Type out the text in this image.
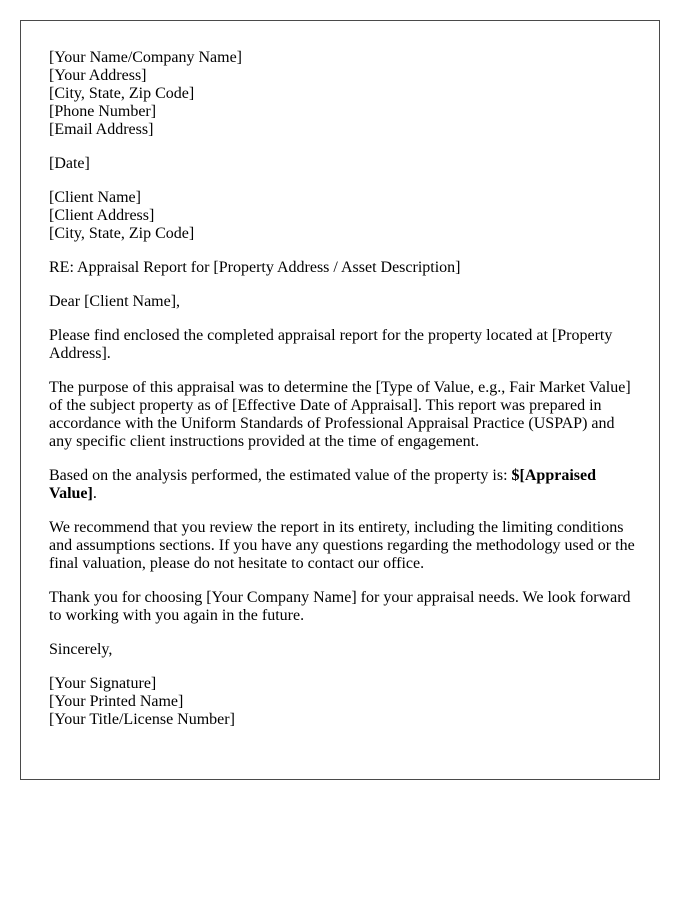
[Your Name/Company Name]
[Your Address]
[City, State, Zip Code]
[Phone Number]
[Email Address]
[Date]
[Client Name]
[Client Address]
[City, State, Zip Code]

RE: Appraisal Report for [Property Address / Asset Description]

Dear [Client Name],

Please find enclosed the completed appraisal report for the property located at [Property Address].

The purpose of this appraisal was to determine the [Type of Value, e.g., Fair Market Value] of the subject property as of [Effective Date of Appraisal]. This report was prepared in accordance with the Uniform Standards of Professional Appraisal Practice (USPAP) and any specific client instructions provided at the time of engagement.

Based on the analysis performed, the estimated value of the property is: $[Appraised Value].

We recommend that you review the report in its entirety, including the limiting conditions and assumptions sections. If you have any questions regarding the methodology used or the final valuation, please do not hesitate to contact our office.

Thank you for choosing [Your Company Name] for your appraisal needs. We look forward to working with you again in the future.

Sincerely,

[Your Signature]
[Your Printed Name]
[Your Title/License Number]
